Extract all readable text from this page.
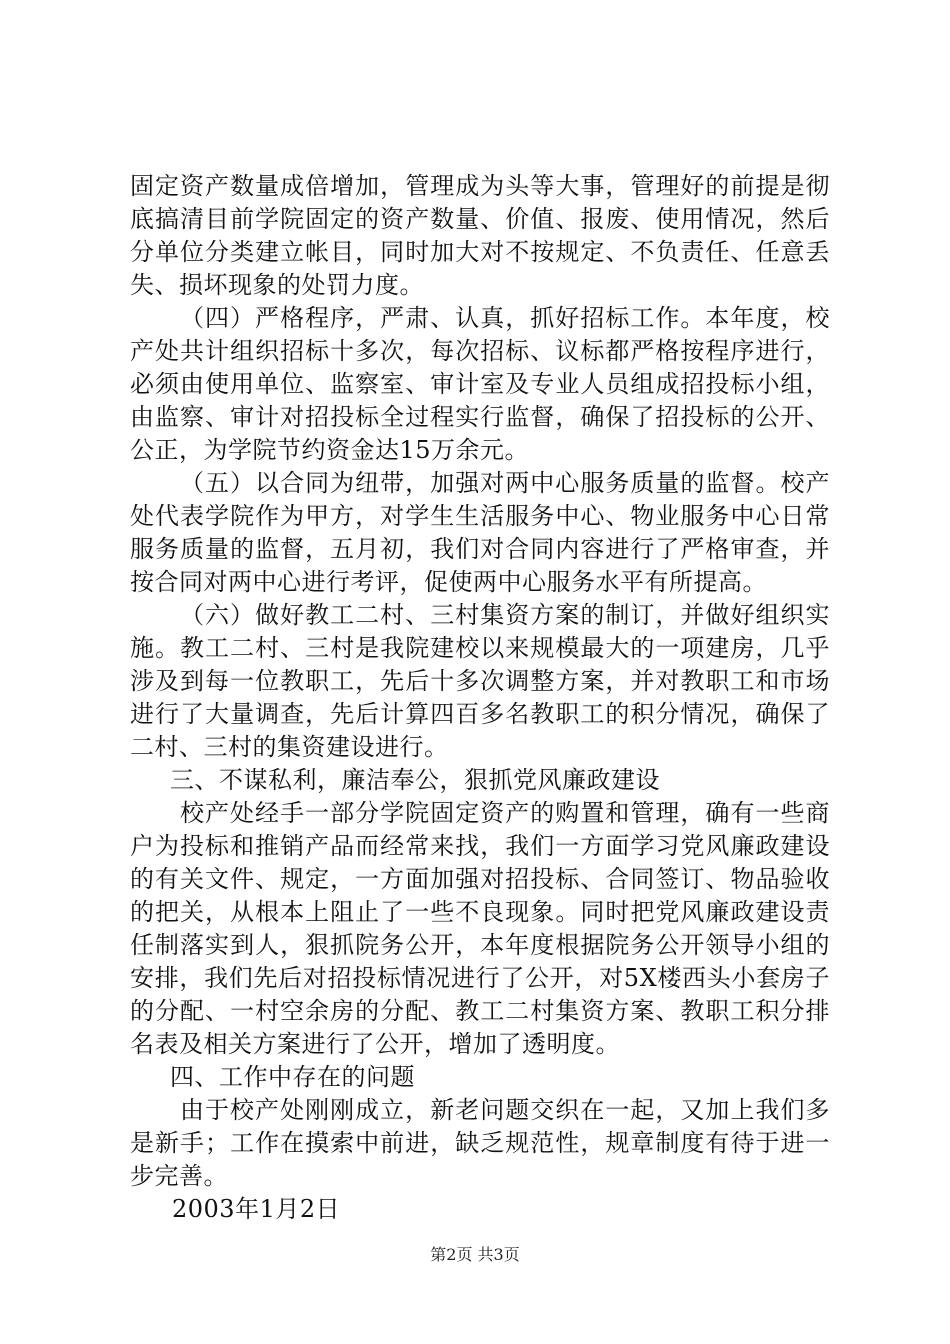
固定资产数量成倍增加，管理成为头等大事，管理好的前提是彻底搞清目前学院固定的资产数量、价值、报废、使用情况，然后分单位分类建立帐目，同时加大对不按规定、不负责任、任意丢失、损坏现象的处罚力度。

（四）严格程序，严肃、认真，抓好招标工作。本年度，校产处共计组织招标十多次，每次招标、议标都严格按程序进行，必须由使用单位、监察室、审计室及专业人员组成招投标小组，由监察、审计对招投标全过程实行监督，确保了招投标的公开、公正，为学院节约资金达15万余元。

（五）以合同为纽带，加强对两中心服务质量的监督。校产处代表学院作为甲方，对学生生活服务中心、物业服务中心日常服务质量的监督，五月初，我们对合同内容进行了严格审查，并按合同对两中心进行考评，促使两中心服务水平有所提高。

（六）做好教工二村、三村集资方案的制订，并做好组织实施。教工二村、三村是我院建校以来规模最大的一项建房，几乎涉及到每一位教职工，先后十多次调整方案，并对教职工和市场进行了大量调查，先后计算四百多名教职工的积分情况，确保了二村、三村的集资建设进行。

三、不谋私利，廉洁奉公，狠抓党风廉政建设

校产处经手一部分学院固定资产的购置和管理，确有一些商户为投标和推销产品而经常来找，我们一方面学习党风廉政建设的有关文件、规定，一方面加强对招投标、合同签订、物品验收的把关，从根本上阻止了一些不良现象。同时把党风廉政建设责任制落实到人，狠抓院务公开，本年度根据院务公开领导小组的安排，我们先后对招投标情况进行了公开，对5X楼西头小套房子的分配、一村空余房的分配、教工二村集资方案、教职工积分排名表及相关方案进行了公开，增加了透明度。

四、工作中存在的问题

由于校产处刚刚成立，新老问题交织在一起，又加上我们多是新手；工作在摸索中前进，缺乏规范性，规章制度有待于进一步完善。

2003年1月2日

第2页 共3页
